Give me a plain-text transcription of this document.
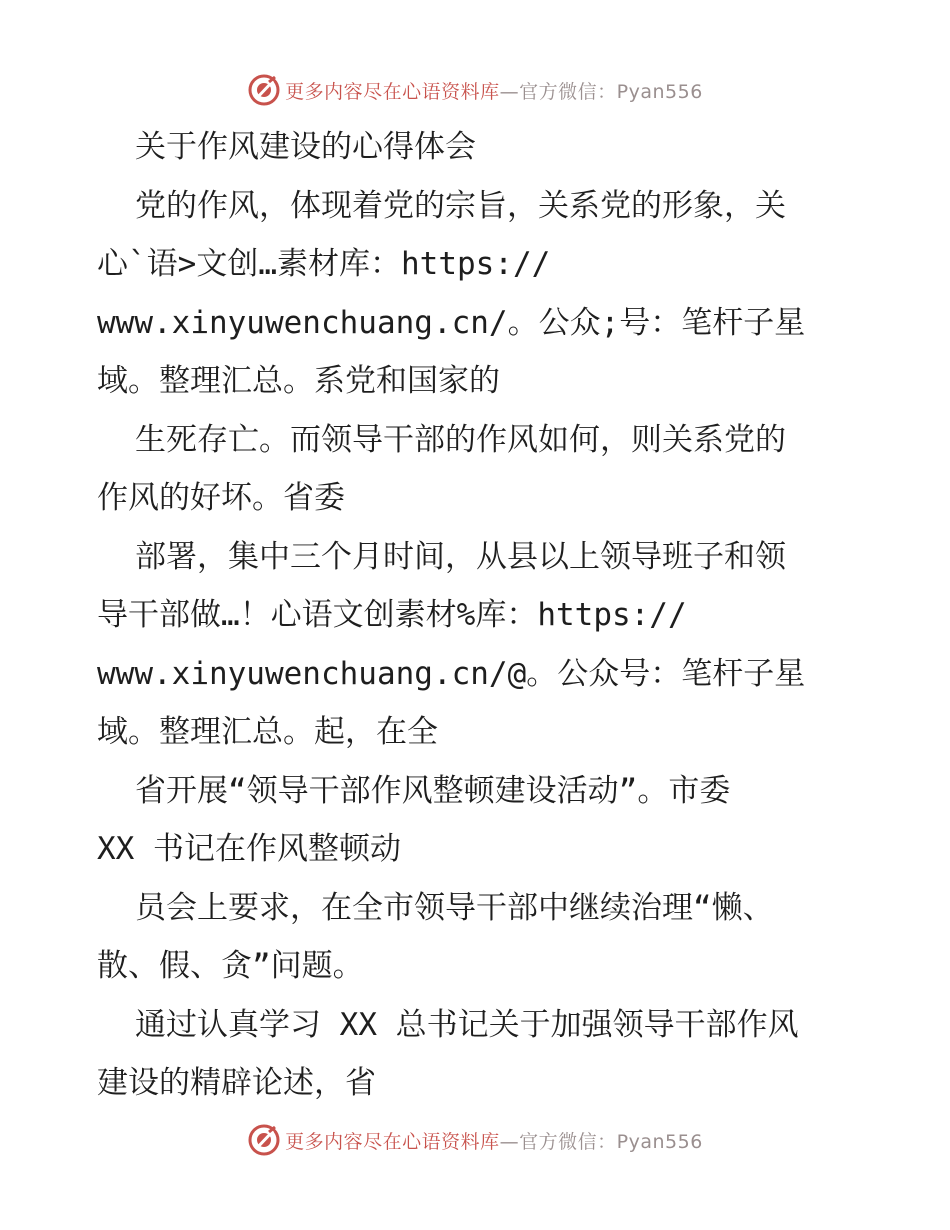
更多内容尽在心语资料库—官方微信：Pyan556
关于作风建设的心得体会
党的作风，体现着党的宗旨，关系党的形象，关
心`语>文创…素材库：https://
www.xinyuwenchuang.cn/。公众;号：笔杆子星
域。整理汇总。系党和国家的
生死存亡。而领导干部的作风如何，则关系党的
作风的好坏。省委
部署，集中三个月时间，从县以上领导班子和领
导干部做…！心语文创素材%库：https://
www.xinyuwenchuang.cn/@。公众号：笔杆子星
域。整理汇总。起，在全
省开展“领导干部作风整顿建设活动”。市委
XX 书记在作风整顿动
员会上要求，在全市领导干部中继续治理“懒、
散、假、贪”问题。
通过认真学习 XX 总书记关于加强领导干部作风
建设的精辟论述，省
更多内容尽在心语资料库—官方微信：Pyan556
